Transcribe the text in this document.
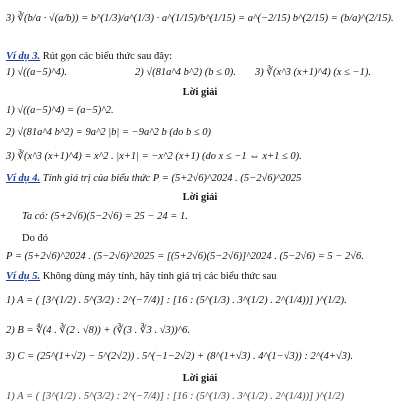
3) ∛(b/a · √(a/b)) = b^(1/3)/a^(1/3) · a^(1/15)/b^(1/15) = a^(−2/15) b^(2/15) = (b/a)^(2/15).
Ví dụ 3. Rút gọn các biểu thức sau đây:
1) √((a−5)^4).	2) √(81a^4 b^2) (b ≤ 0). 3) ∛(x^3 (x+1)^4) (x ≤ −1).
Lời giải
1) √((a−5)^4) = (a−5)^2.
2) √(81a^4 b^2) = 9a^2 |b| = −9a^2 b (do b ≤ 0)
3) ∛(x^3 (x+1)^4) = x^2 . |x+1| = −x^2 (x+1) (do x ≤ −1 ⇔ x+1 ≤ 0).
Ví dụ 4. Tính giá trị của biểu thức P = (5+2√6)^2024 . (5−2√6)^2025
Lời giải
Ta có: (5+2√6)(5−2√6) = 25 − 24 = 1.
Do đó
P = (5+2√6)^2024 . (5−2√6)^2025 = [(5+2√6)(5−2√6)]^2024 . (5−2√6) = 5 − 2√6.
Ví dụ 5. Không dùng máy tính, hãy tính giá trị các biểu thức sau
1) A = ( [3^(1/2) . 5^(3/2) : 2^(−7/4)] : [16 : (5^(1/3) . 3^(1/2) . 2^(1/4))] )^(1/2).
2) B = ∜(4 . ∛(2 . √8)) + (∛(3 . ∛3 . √3))^6.
3) C = (25^(1+√2) − 5^(2√2)) . 5^(−1−2√2) + (8^(1+√3) . 4^(1−√3)) : 2^(4+√3).
Lời giải
1) A = ( [3^(1/2) . 5^(3/2) : 2^(−7/4)] : [16 : (5^(1/3) . 3^(1/2) . 2^(1/4))] )^(1/2)
